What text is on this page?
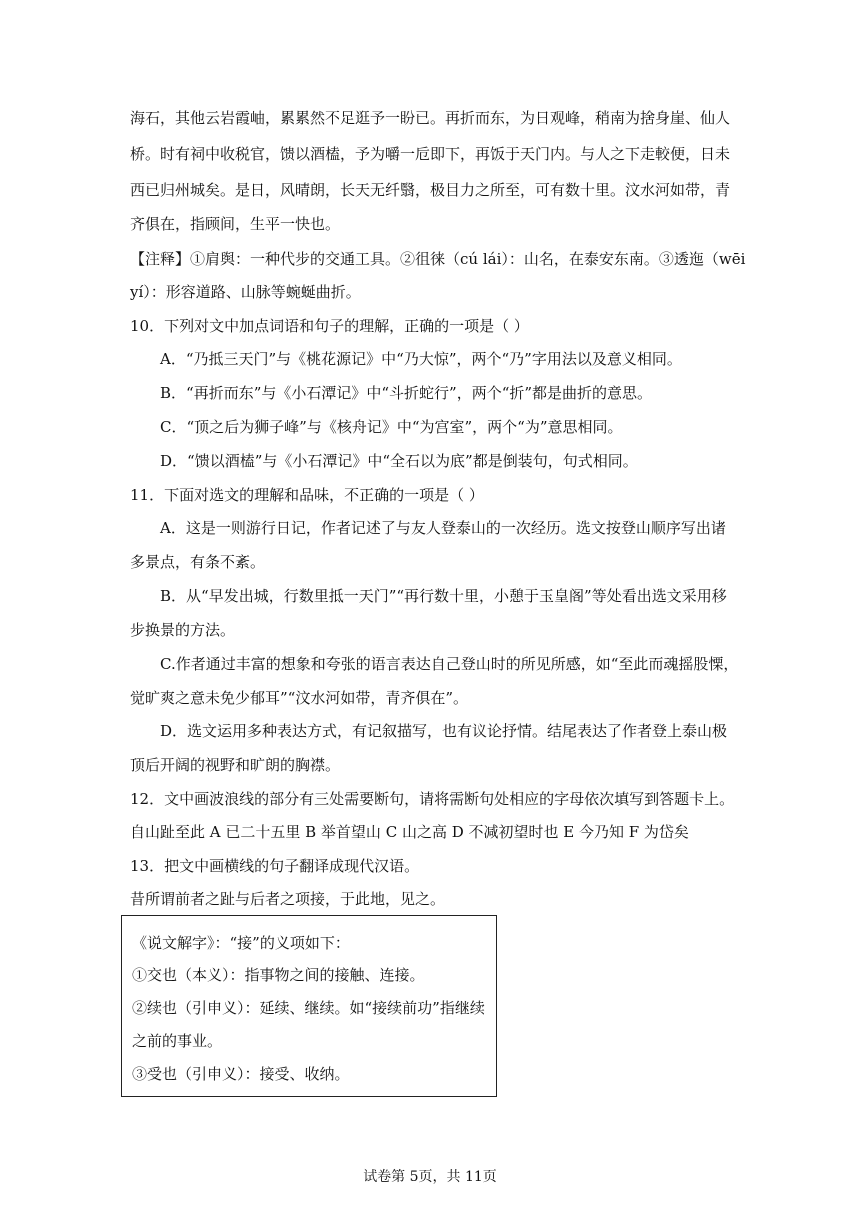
海石，其他云岩霞岫，累累然不足逛予一盼已。再折而东，为日观峰，稍南为捨身崖、仙人
桥。时有祠中收税官，馈以酒榼，予为嚼一卮即下，再饭于天门内。与人之下走較便，日未
西已归州城矣。是日，风晴朗，长天无纤翳，极目力之所至，可有数十里。汶水河如带，青
齐俱在，指顾间，生平一快也。
【注释】①肩舆：一种代步的交通工具。②徂徕（cú lái）：山名，在泰安东南。③透迤（wēi
yí）：形容道路、山脉等蜿蜒曲折。
10．下列对文中加点词语和句子的理解，正确的一项是（ ）
A．“乃抵三天门”与《桃花源记》中“乃大惊”，两个“乃”字用法以及意义相同。
B．“再折而东”与《小石潭记》中“斗折蛇行”，两个“折”都是曲折的意思。
C．“顶之后为狮子峰”与《核舟记》中“为宫室”，两个“为”意思相同。
D．“馈以酒榼”与《小石潭记》中“全石以为底”都是倒装句，句式相同。
11．下面对选文的理解和品味，不正确的一项是（ ）
A．这是一则游行日记，作者记述了与友人登泰山的一次经历。选文按登山顺序写出诸
多景点，有条不紊。
B．从“早发出城，行数里抵一天门”“再行数十里，小憩于玉皇阁”等处看出选文采用移
步换景的方法。
C.作者通过丰富的想象和夸张的语言表达自己登山时的所见所感，如“至此而魂摇股慄，
觉旷爽之意未免少郁耳”“汶水河如带，青齐俱在”。
D．选文运用多种表达方式，有记叙描写，也有议论抒情。结尾表达了作者登上泰山极
顶后开阔的视野和旷朗的胸襟。
12．文中画波浪线的部分有三处需要断句，请将需断句处相应的字母依次填写到答题卡上。
自山趾至此 A 已二十五里 B 举首望山 C 山之高 D 不减初望时也 E 今乃知 F 为岱矣
13．把文中画横线的句子翻译成现代汉语。
昔所谓前者之趾与后者之项接，于此地，见之。
《说文解字》：“接”的义项如下：
①交也（本义）：指事物之间的接触、连接。
②续也（引申义）：延续、继续。如“接续前功”指继续
之前的事业。
③受也（引申义）：接受、收纳。
试卷第 5页，共 11页
